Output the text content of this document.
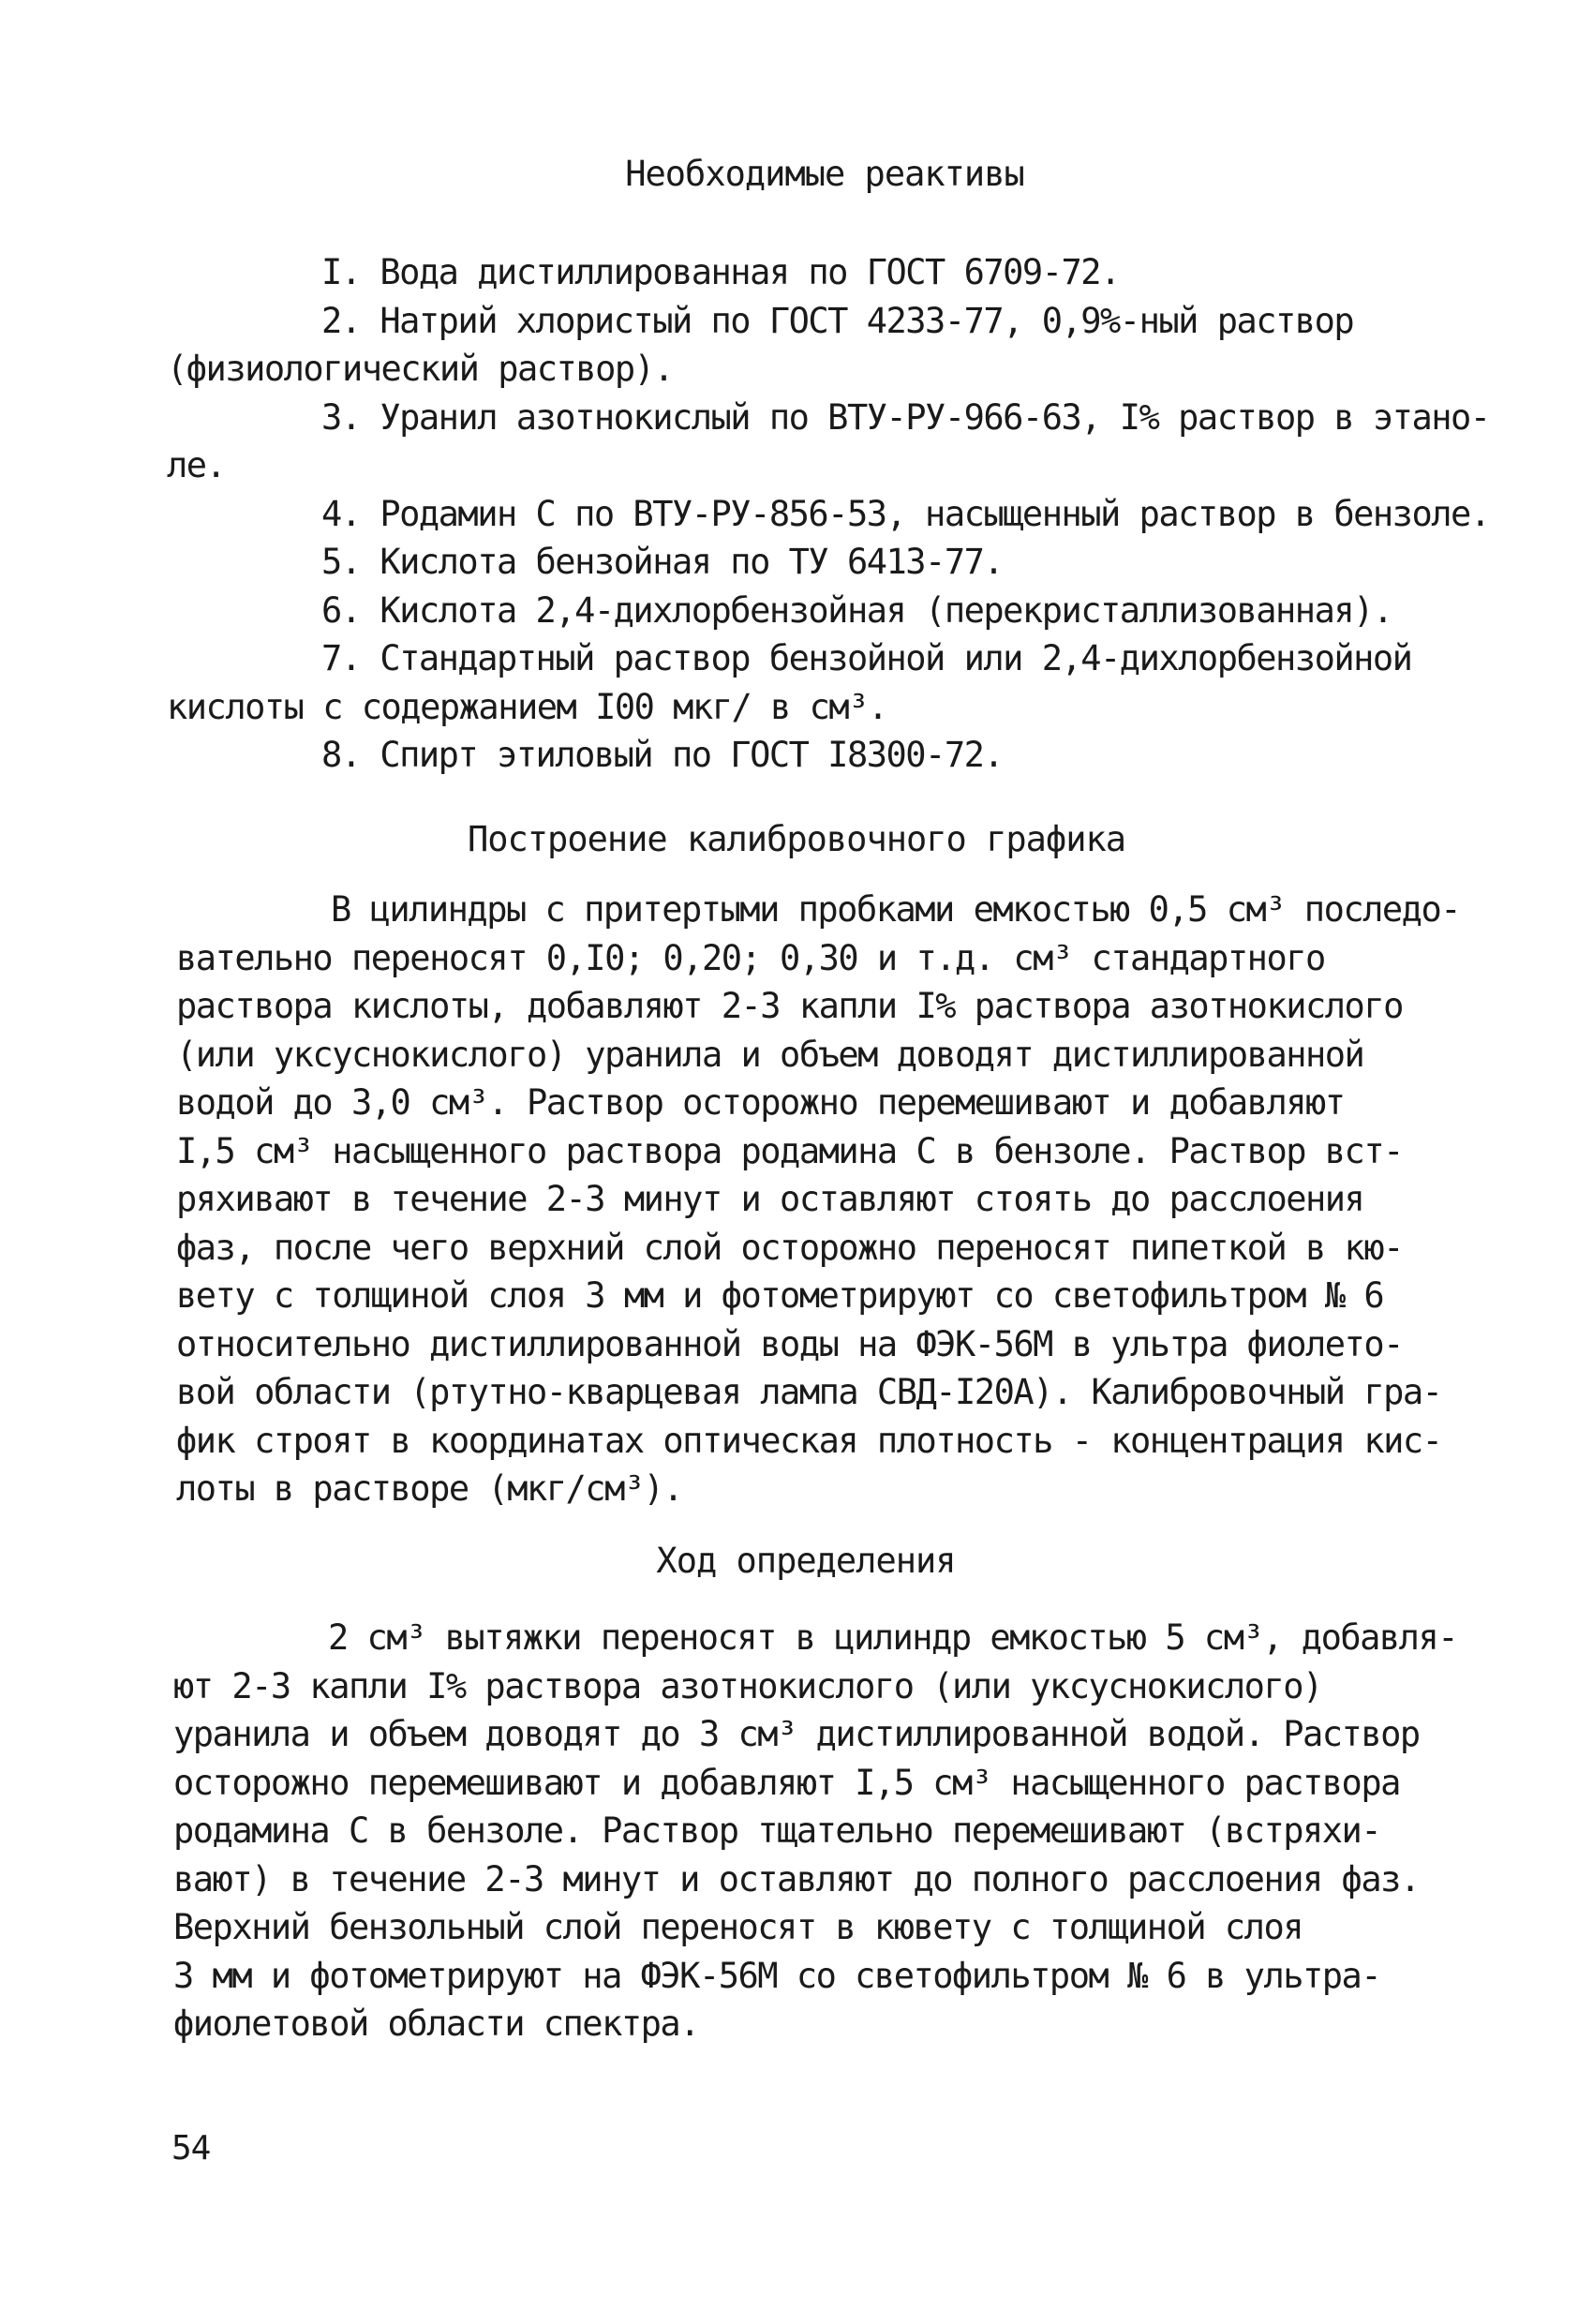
Необходимые реактивы
I. Вода дистиллированная по ГОСТ 6709-72.
2. Натрий хлористый по ГОСТ 4233-77, 0,9%-ный раствор
(физиологический раствор).
3. Уранил азотнокислый по ВТУ-РУ-966-63, I% раствор в этано-
ле.
4. Родамин С по ВТУ-РУ-856-53, насыщенный раствор в бензоле.
5. Кислота бензойная по ТУ 6413-77.
6. Кислота 2,4-дихлорбензойная (перекристаллизованная).
7. Стандартный раствор бензойной или 2,4-дихлорбензойной
кислоты с содержанием I00 мкг/ в см³.
8. Спирт этиловый по ГОСТ I8300-72.
Построение калибровочного графика
В цилиндры с притертыми пробками емкостью 0,5 см³ последо-
вательно переносят 0,I0; 0,20; 0,30 и т.д. см³ стандартного
раствора кислоты, добавляют 2-3 капли I% раствора азотнокислого
(или уксуснокислого) уранила и объем доводят дистиллированной
водой до 3,0 см³. Раствор осторожно перемешивают и добавляют
I,5 см³ насыщенного раствора родамина С в бензоле. Раствор вст-
ряхивают в течение 2-3 минут и оставляют стоять до расслоения
фаз, после чего верхний слой осторожно переносят пипеткой в кю-
вету с толщиной слоя 3 мм и фотометрируют со светофильтром № 6
относительно дистиллированной воды на ФЭК-56М в ультра фиолето-
вой области (ртутно-кварцевая лампа СВД-I20А). Калибровочный гра-
фик строят в координатах оптическая плотность - концентрация кис-
лоты в растворе (мкг/см³).
Ход определения
2 см³ вытяжки переносят в цилиндр емкостью 5 см³, добавля-
ют 2-3 капли I% раствора азотнокислого (или уксуснокислого)
уранила и объем доводят до 3 см³ дистиллированной водой. Раствор
осторожно перемешивают и добавляют I,5 см³ насыщенного раствора
родамина С в бензоле. Раствор тщательно перемешивают (встряхи-
вают) в течение 2-3 минут и оставляют до полного расслоения фаз.
Верхний бензольный слой переносят в кювету с толщиной слоя
3 мм и фотометрируют на ФЭК-56М со светофильтром № 6 в ультра-
фиолетовой области спектра.
54
